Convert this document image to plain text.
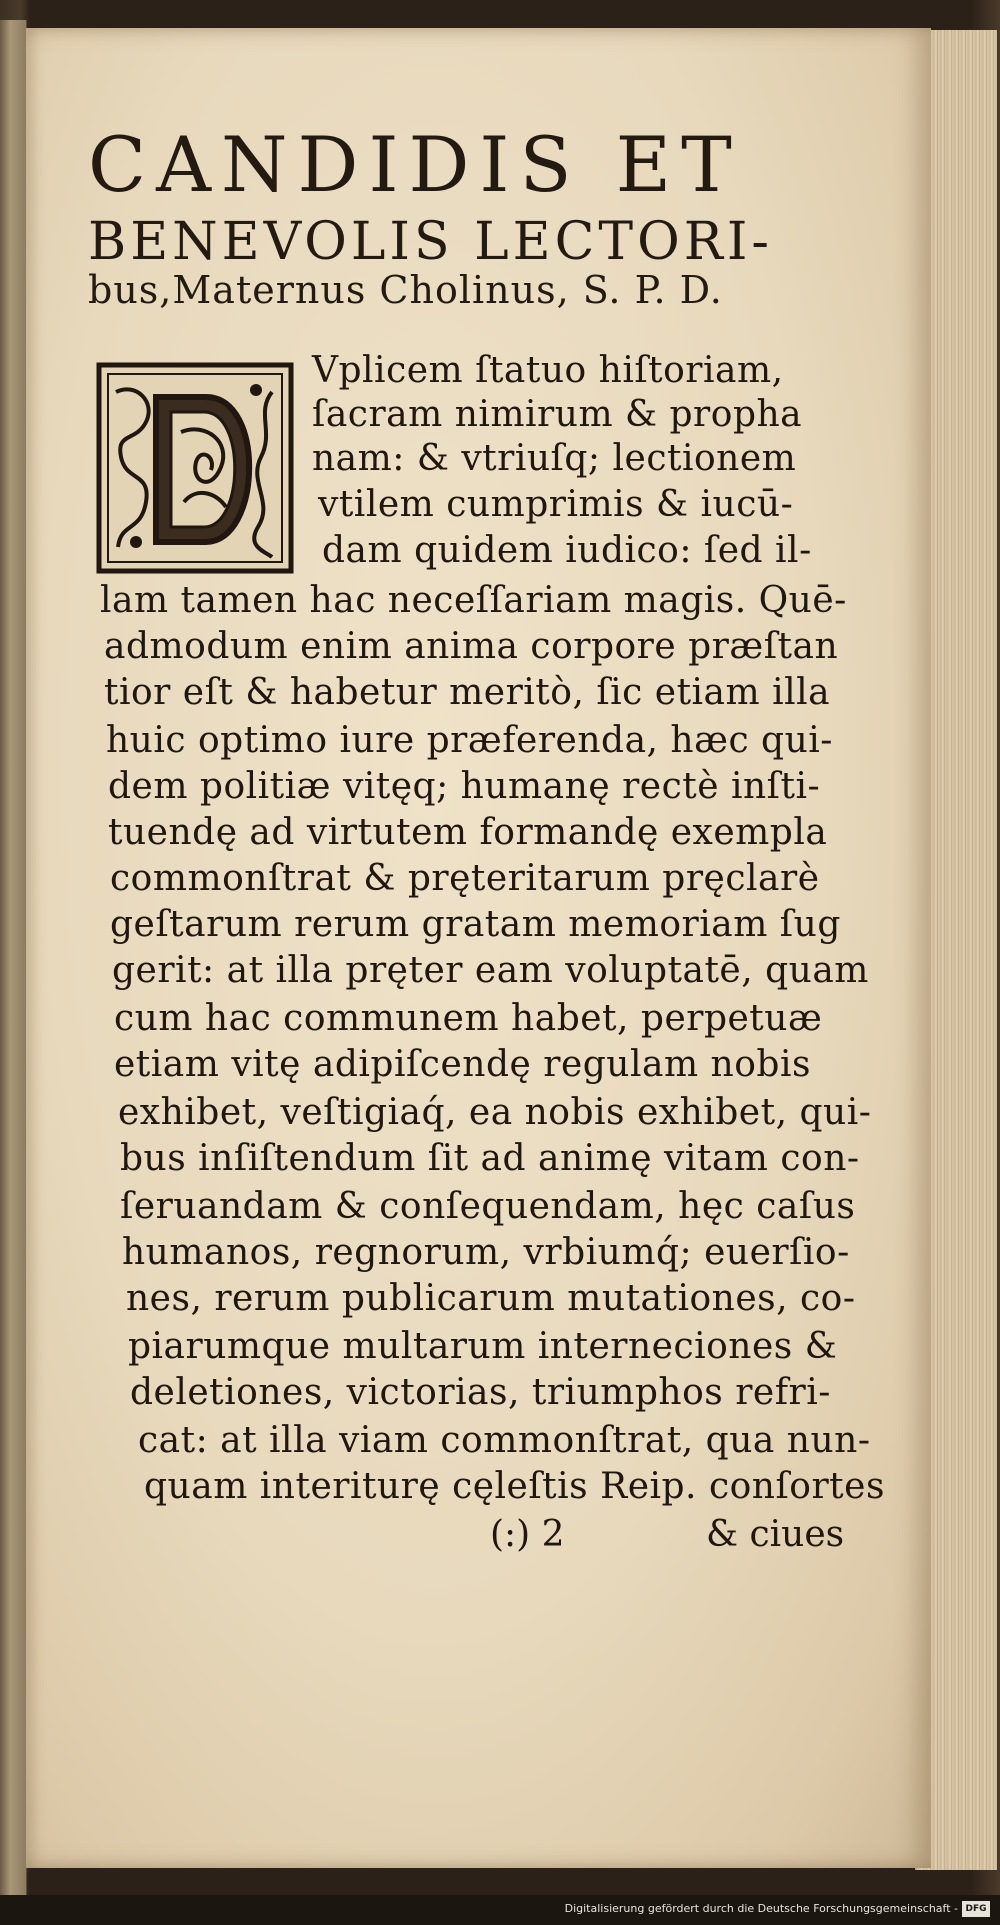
CANDIDIS ET
BENEVOLIS LECTORI-
bus,Maternus Cholinus, S. P. D.
Vplicem ſtatuo hiſtoriam,
ſacram nimirum & propha
nam: & vtriuſq; lectionem
vtilem cumprimis & iucū-
dam quidem iudico: ſed il-
lam tamen hac neceſſariam magis. Quē-
admodum enim anima corpore præſtan
tior eſt & habetur meritò, ſic etiam illa
huic optimo iure præferenda, hæc qui-
dem politiæ vitęq; humanę rectè inſti-
tuendę ad virtutem formandę exempla
commonſtrat & pręteritarum pręclarè
geſtarum rerum gratam memoriam ſug
gerit: at illa pręter eam voluptatē, quam
cum hac communem habet, perpetuæ
etiam vitę adipiſcendę regulam nobis
exhibet, veſtigiaq́, ea nobis exhibet, qui-
bus inſiſtendum ſit ad animę vitam con-
ſeruandam & conſequendam, hęc caſus
humanos, regnorum, vrbiumq́; euerſio-
nes, rerum publicarum mutationes, co-
piarumque multarum interneciones &
deletiones, victorias, triumphos refri-
cat: at illa viam commonſtrat, qua nun-
quam interiturę cęleſtis Reip. conſortes
(:) 2	& ciues
Digitalisierung gefördert durch die Deutsche Forschungsgemeinschaft - DFG
